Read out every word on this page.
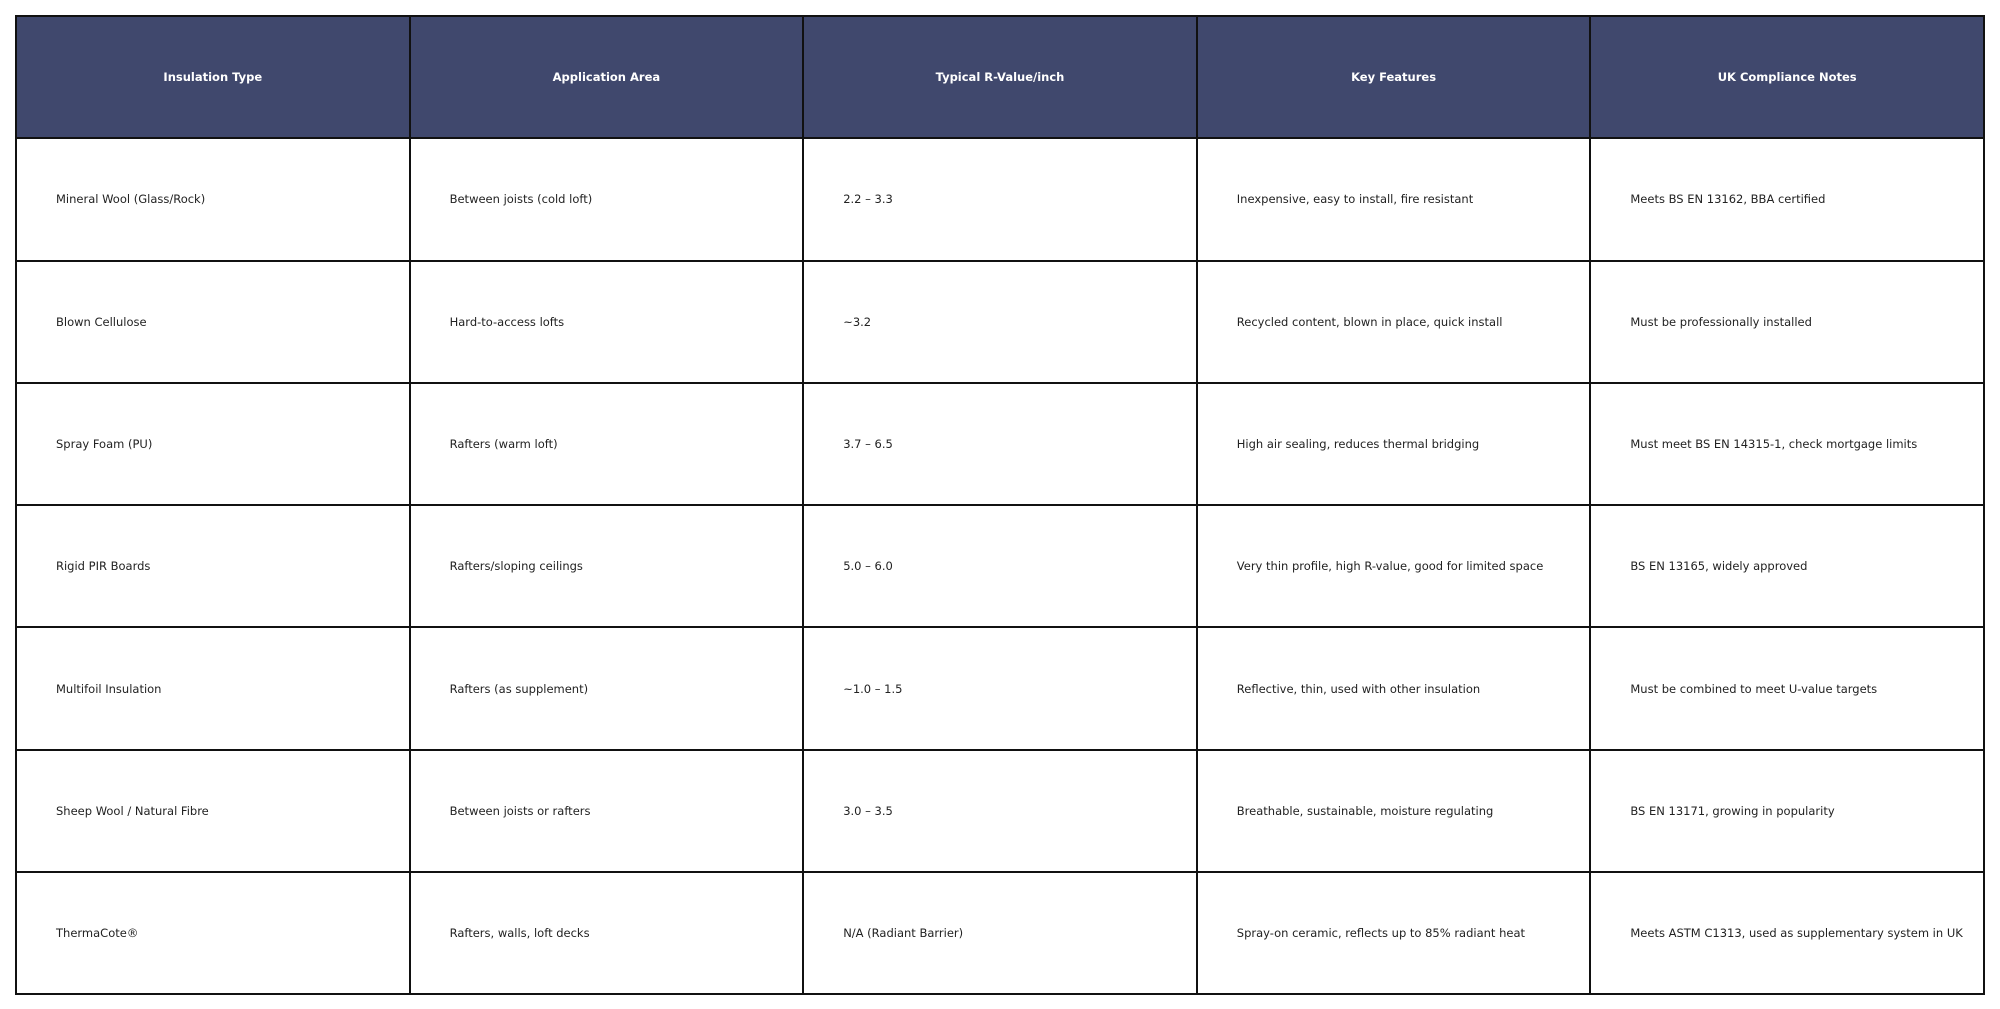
Insulation Type	Application Area	Typical R-Value/inch	Key Features	UK Compliance Notes
Mineral Wool (Glass/Rock)	Between joists (cold loft)	2.2 – 3.3	Inexpensive, easy to install, fire resistant	Meets BS EN 13162, BBA certified
Blown Cellulose	Hard-to-access lofts	~3.2	Recycled content, blown in place, quick install	Must be professionally installed
Spray Foam (PU)	Rafters (warm loft)	3.7 – 6.5	High air sealing, reduces thermal bridging	Must meet BS EN 14315-1, check mortgage limits
Rigid PIR Boards	Rafters/sloping ceilings	5.0 – 6.0	Very thin profile, high R-value, good for limited space	BS EN 13165, widely approved
Multifoil Insulation	Rafters (as supplement)	~1.0 – 1.5	Reflective, thin, used with other insulation	Must be combined to meet U-value targets
Sheep Wool / Natural Fibre	Between joists or rafters	3.0 – 3.5	Breathable, sustainable, moisture regulating	BS EN 13171, growing in popularity
ThermaCote®	Rafters, walls, loft decks	N/A (Radiant Barrier)	Spray-on ceramic, reflects up to 85% radiant heat	Meets ASTM C1313, used as supplementary system in UK
